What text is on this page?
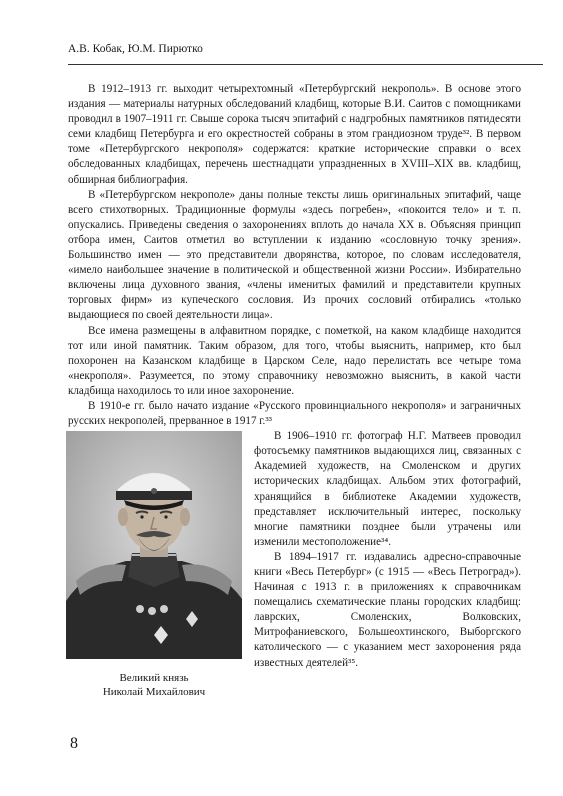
А.В. Кобак, Ю.М. Пирютко

В 1912–1913 гг. выходит четырехтомный «Петербургский некрополь». В основе этого издания — материалы натурных обследований кладбищ, которые В.И. Саитов с помощниками проводил в 1907–1911 гг. Свыше сорока тысяч эпитафий с надгробных памятников пятидесяти семи кладбищ Петербурга и его окрестностей собраны в этом грандиозном труде³². В первом томе «Петербургского некрополя» содержатся: краткие исторические справки о всех обследованных кладбищах, перечень шестнадцати упраздненных в XVIII–XIX вв. кладбищ, обширная библиография.

В «Петербургском некрополе» даны полные тексты лишь оригинальных эпитафий, чаще всего стихотворных. Традиционные формулы «здесь погребен», «покоится тело» и т. п. опускались. Приведены сведения о захоронениях вплоть до начала XX в. Объясняя принцип отбора имен, Саитов отметил во вступлении к изданию «сословную точку зрения». Большинство имен — это представители дворянства, которое, по словам исследователя, «имело наибольшее значение в политической и общественной жизни России». Избирательно включены лица духовного звания, «члены именитых фамилий и представители крупных торговых фирм» из купеческого сословия. Из прочих сословий отбирались «только выдающиеся по своей деятельности лица».

Все имена размещены в алфавитном порядке, с пометкой, на каком кладбище находится тот или иной памятник. Таким образом, для того, чтобы выяснить, например, кто был похоронен на Казанском кладбище в Царском Селе, надо перелистать все четыре тома «некрополя». Разумеется, по этому справочнику невозможно выяснить, в какой части кладбища находилось то или иное захоронение.

В 1910-е гг. было начато издание «Русского провинциального некрополя» и заграничных русских некрополей, прерванное в 1917 г.³³

Великий князь
Николай Михайлович

В 1906–1910 гг. фотограф Н.Г. Матвеев проводил фотосъемку памятников выдающихся лиц, связанных с Академией художеств, на Смоленском и других исторических кладбищах. Альбом этих фотографий, хранящийся в библиотеке Академии художеств, представляет исключительный интерес, поскольку многие памятники позднее были утрачены или изменили местоположение³⁴.

В 1894–1917 гг. издавались адресно-справочные книги «Весь Петербург» (с 1915 — «Весь Петроград»). Начиная с 1913 г. в приложениях к справочникам помещались схематические планы городских кладбищ: лаврских, Смоленских, Волковских, Митрофаниевского, Большеохтинского, Выборгского католического — с указанием мест захоронения ряда известных деятелей³⁵.

8
